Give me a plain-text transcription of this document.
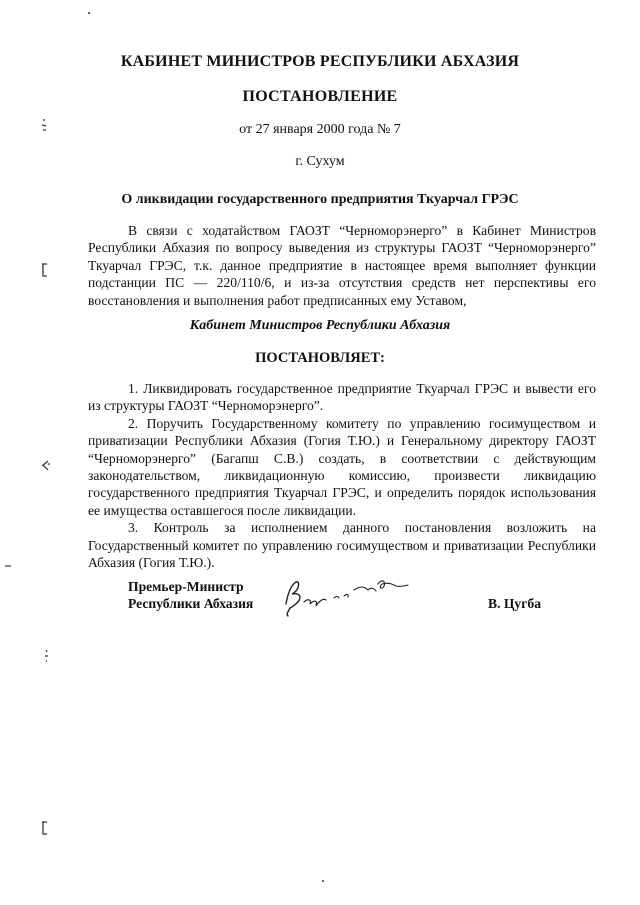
КАБИНЕТ МИНИСТРОВ РЕСПУБЛИКИ АБХАЗИЯ
ПОСТАНОВЛЕНИЕ
от 27 января 2000 года № 7
г. Сухум
О ликвидации государственного предприятия Ткуарчал ГРЭС

В связи с ходатайством ГАОЗТ “Черноморэнерго” в Кабинет Министров Республики Абхазия по вопросу выведения из структуры ГАОЗТ “Черноморэнерго” Ткуарчал ГРЭС, т.к. данное предприятие в настоящее время выполняет функции подстанции ПС — 220/110/6, и из-за отсутствия средств нет перспективы его восстановления и выполнения работ предписанных ему Уставом,

Кабинет Министров Республики Абхазия
ПОСТАНОВЛЯЕТ:

1. Ликвидировать государственное предприятие Ткуарчал ГРЭС и вывести его из структуры ГАОЗТ “Черноморэнерго”.

2. Поручить Государственному комитету по управлению госимуществом и приватизации Республики Абхазия (Гогия Т.Ю.) и Генеральному директору ГАОЗТ “Черноморэнерго” (Багапш С.В.) создать, в соответствии с действующим законодательством, ликвидационную комиссию, произвести ликвидацию государственного предприятия Ткуарчал ГРЭС, и определить порядок использования ее имущества оставшегося после ликвидации.

3. Контроль за исполнением данного постановления возложить на Государственный комитет по управлению госимуществом и приватизации Республики Абхазия (Гогия Т.Ю.).

Премьер-Министр
Республики Абхазия	В. Цугба
